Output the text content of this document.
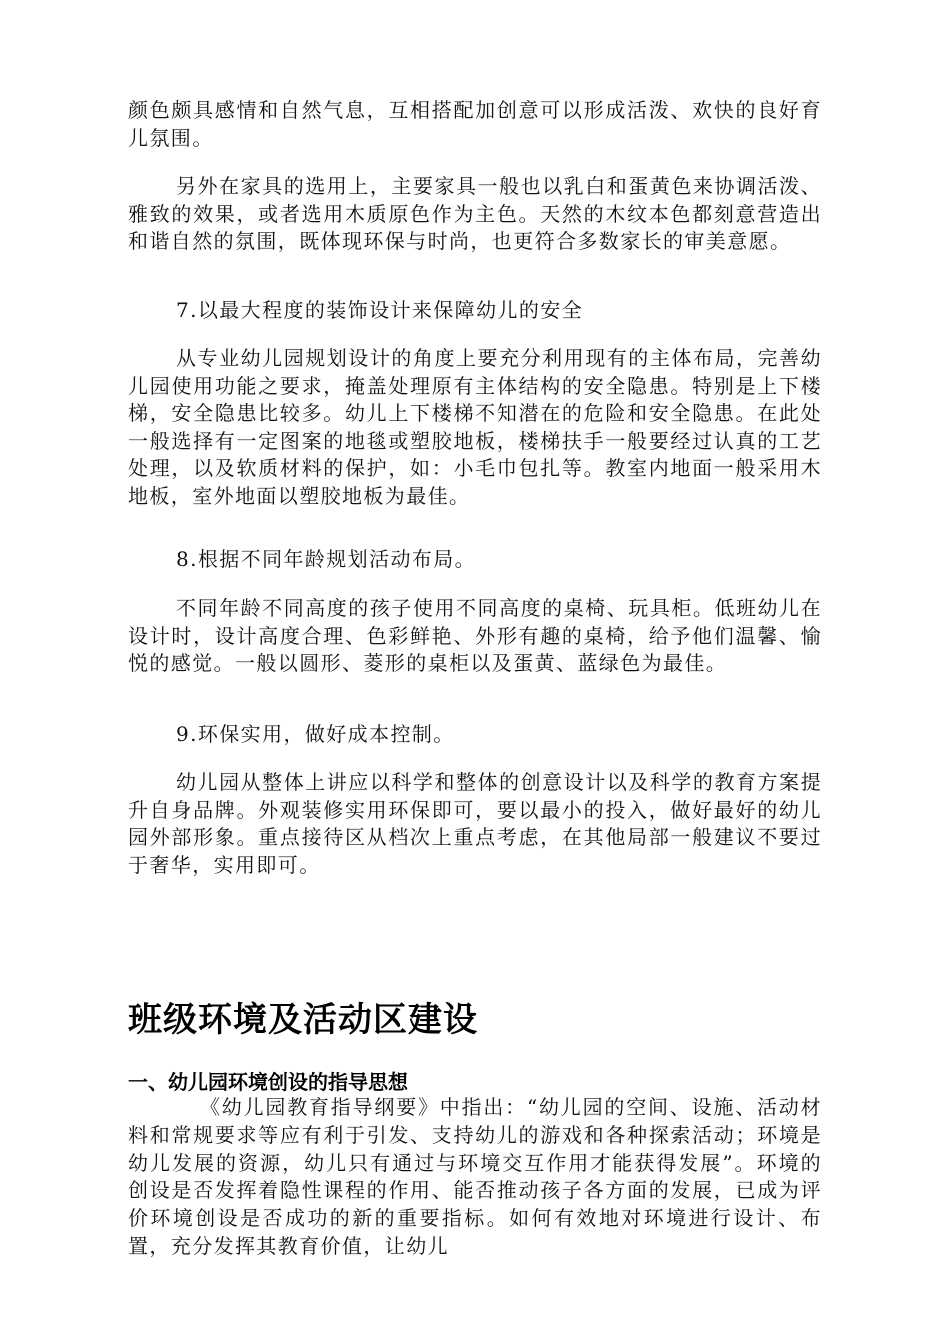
颜色颇具感情和自然气息，互相搭配加创意可以形成活泼、欢快的良好育儿氛围。

另外在家具的选用上，主要家具一般也以乳白和蛋黄色来协调活泼、雅致的效果，或者选用木质原色作为主色。天然的木纹本色都刻意营造出和谐自然的氛围，既体现环保与时尚，也更符合多数家长的审美意愿。

7.以最大程度的装饰设计来保障幼儿的安全

从专业幼儿园规划设计的角度上要充分利用现有的主体布局，完善幼儿园使用功能之要求，掩盖处理原有主体结构的安全隐患。特别是上下楼梯，安全隐患比较多。幼儿上下楼梯不知潜在的危险和安全隐患。在此处一般选择有一定图案的地毯或塑胶地板，楼梯扶手一般要经过认真的工艺处理，以及软质材料的保护，如：小毛巾包扎等。教室内地面一般采用木地板，室外地面以塑胶地板为最佳。

8.根据不同年龄规划活动布局。

不同年龄不同高度的孩子使用不同高度的桌椅、玩具柜。低班幼儿在设计时，设计高度合理、色彩鲜艳、外形有趣的桌椅，给予他们温馨、愉悦的感觉。一般以圆形、菱形的桌柜以及蛋黄、蓝绿色为最佳。

9.环保实用，做好成本控制。

幼儿园从整体上讲应以科学和整体的创意设计以及科学的教育方案提升自身品牌。外观装修实用环保即可，要以最小的投入，做好最好的幼儿园外部形象。重点接待区从档次上重点考虑，在其他局部一般建议不要过于奢华，实用即可。

班级环境及活动区建设
一、幼儿园环境创设的指导思想

《幼儿园教育指导纲要》中指出：“幼儿园的空间、设施、活动材料和常规要求等应有利于引发、支持幼儿的游戏和各种探索活动；环境是幼儿发展的资源，幼儿只有通过与环境交互作用才能获得发展”。环境的创设是否发挥着隐性课程的作用、能否推动孩子各方面的发展，已成为评价环境创设是否成功的新的重要指标。如何有效地对环境进行设计、布置，充分发挥其教育价值，让幼儿
